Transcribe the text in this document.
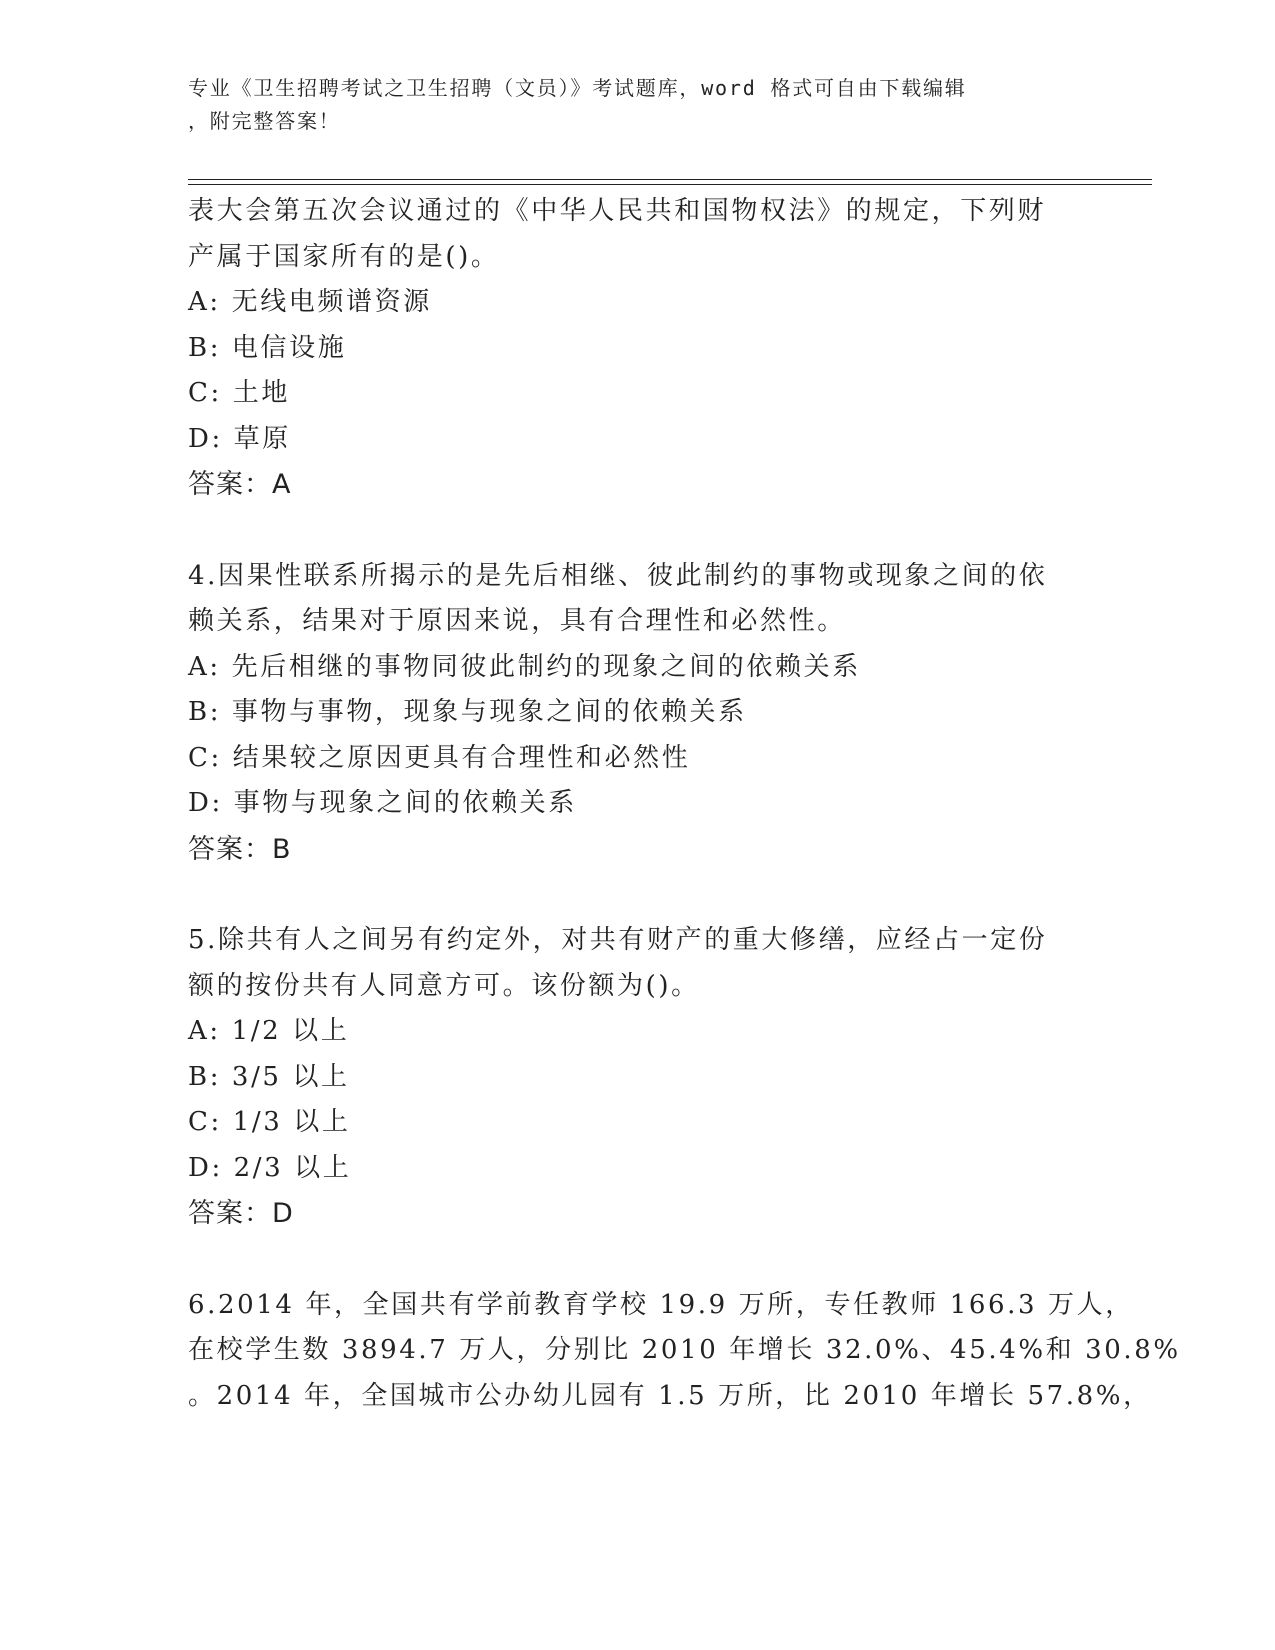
专业《卫生招聘考试之卫生招聘（文员）》考试题库，word 格式可自由下载编辑
，附完整答案！
表大会第五次会议通过的《中华人民共和国物权法》的规定，下列财
产属于国家所有的是()。
A: 无线电频谱资源
B: 电信设施
C: 土地
D: 草原
答案：A
4.因果性联系所揭示的是先后相继、彼此制约的事物或现象之间的依
赖关系，结果对于原因来说，具有合理性和必然性。
A: 先后相继的事物同彼此制约的现象之间的依赖关系
B: 事物与事物，现象与现象之间的依赖关系
C: 结果较之原因更具有合理性和必然性
D: 事物与现象之间的依赖关系
答案：B
5.除共有人之间另有约定外，对共有财产的重大修缮，应经占一定份
额的按份共有人同意方可。该份额为()。
A: 1/2 以上
B: 3/5 以上
C: 1/3 以上
D: 2/3 以上
答案：D
6.2014 年，全国共有学前教育学校 19.9 万所，专任教师 166.3 万人，
在校学生数 3894.7 万人，分别比 2010 年增长 32.0%、45.4%和 30.8%
。2014 年，全国城市公办幼儿园有 1.5 万所，比 2010 年增长 57.8%，
